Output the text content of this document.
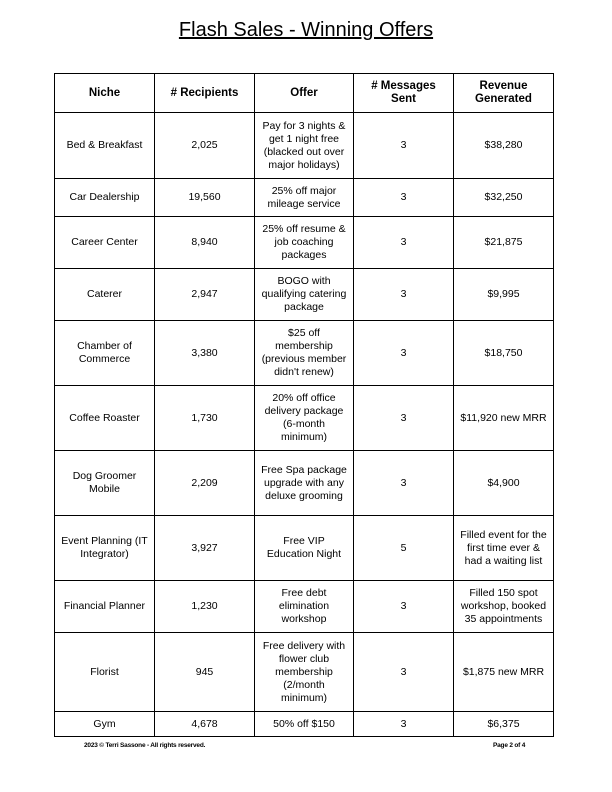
Flash Sales - Winning Offers
Niche	# Recipients	Offer	# Messages Sent	Revenue Generated
Bed & Breakfast	2,025	Pay for 3 nights & get 1 night free (blacked out over major holidays)	3	$38,280
Car Dealership	19,560	25% off major mileage service	3	$32,250
Career Center	8,940	25% off resume & job coaching packages	3	$21,875
Caterer	2,947	BOGO with qualifying catering package	3	$9,995
Chamber of Commerce	3,380	$25 off membership (previous member didn't renew)	3	$18,750
Coffee Roaster	1,730	20% off office delivery package (6-month minimum)	3	$11,920 new MRR
Dog Groomer Mobile	2,209	Free Spa package upgrade with any deluxe grooming	3	$4,900
Event Planning (IT Integrator)	3,927	Free VIP Education Night	5	Filled event for the first time ever & had a waiting list
Financial Planner	1,230	Free debt elimination workshop	3	Filled 150 spot workshop, booked 35 appointments
Florist	945	Free delivery with flower club membership (2/month minimum)	3	$1,875 new MRR
Gym	4,678	50% off $150	3	$6,375
2023 © Terri Sassone - All rights reserved.	Page 2 of 4
